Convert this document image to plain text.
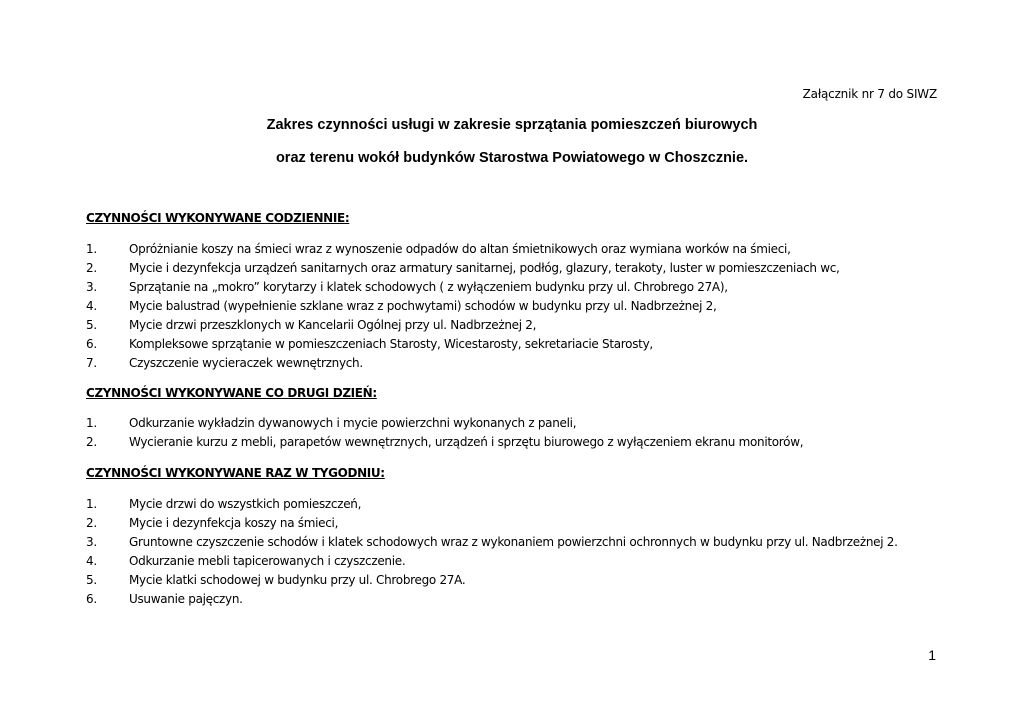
Załącznik nr 7 do SIWZ
Zakres czynności usługi w zakresie sprzątania pomieszczeń biurowych
oraz terenu wokół budynków Starostwa Powiatowego w Choszcznie.
CZYNNOŚCI WYKONYWANE CODZIENNIE:
1.	Opróżnianie koszy na śmieci wraz z wynoszenie odpadów do altan śmietnikowych oraz wymiana worków na śmieci,
2.	Mycie i dezynfekcja urządzeń sanitarnych oraz armatury sanitarnej, podłóg, glazury, terakoty, luster w pomieszczeniach wc,
3.	Sprzątanie na „mokro” korytarzy i klatek schodowych ( z wyłączeniem budynku przy ul. Chrobrego 27A),
4.	Mycie balustrad (wypełnienie szklane wraz z pochwytami) schodów w budynku przy ul. Nadbrzeżnej 2,
5.	Mycie drzwi przeszklonych w Kancelarii Ogólnej przy ul. Nadbrzeżnej 2,
6.	Kompleksowe sprzątanie w pomieszczeniach Starosty, Wicestarosty, sekretariacie Starosty,
7.	Czyszczenie wycieraczek wewnętrznych.
CZYNNOŚCI WYKONYWANE CO DRUGI DZIEŃ:
1.	Odkurzanie wykładzin dywanowych i mycie powierzchni wykonanych z paneli,
2.	Wycieranie kurzu z mebli, parapetów wewnętrznych, urządzeń i sprzętu biurowego z wyłączeniem ekranu monitorów,
CZYNNOŚCI WYKONYWANE RAZ W TYGODNIU:
1.	Mycie drzwi do wszystkich pomieszczeń,
2.	Mycie i dezynfekcja koszy na śmieci,
3.	Gruntowne czyszczenie schodów i klatek schodowych wraz z wykonaniem powierzchni ochronnych w budynku przy ul. Nadbrzeżnej 2.
4.	Odkurzanie mebli tapicerowanych i czyszczenie.
5.	Mycie klatki schodowej w budynku przy ul. Chrobrego 27A.
6.	Usuwanie pajęczyn.
1
